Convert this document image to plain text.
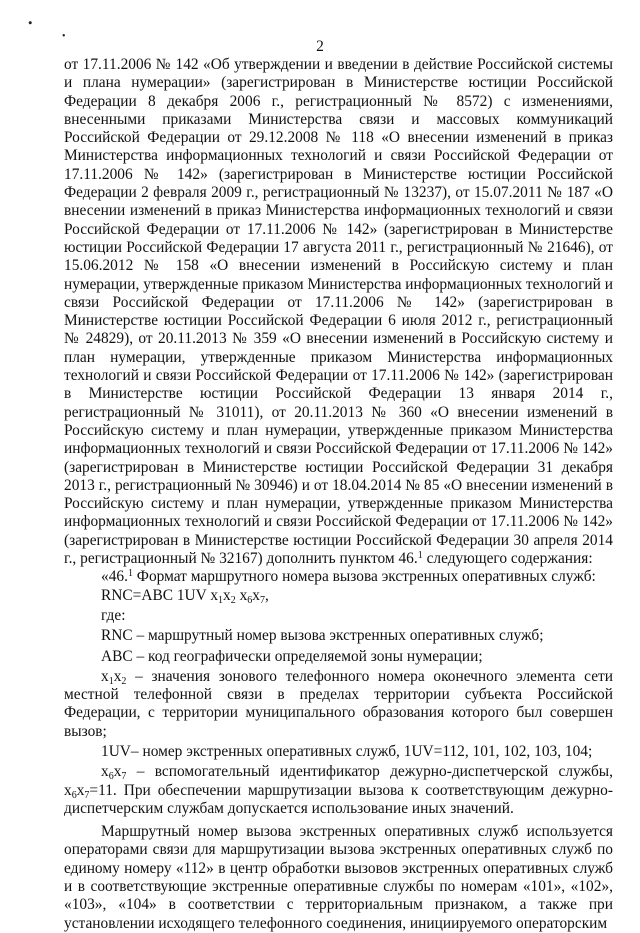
•
•
2

от 17.11.2006 № 142 «Об утверждении и введении в действие Российской системы и плана нумерации» (зарегистрирован в Министерстве юстиции Российской Федерации 8 декабря 2006 г., регистрационный № 8572) с изменениями, внесенными приказами Министерства связи и массовых коммуникаций Российской Федерации от 29.12.2008 № 118 «О внесении изменений в приказ Министерства информационных технологий и связи Российской Федерации от 17.11.2006 № 142» (зарегистрирован в Министерстве юстиции Российской Федерации 2 февраля 2009 г., регистрационный № 13237), от 15.07.2011 № 187 «О внесении изменений в приказ Министерства информационных технологий и связи Российской Федерации от 17.11.2006 № 142» (зарегистрирован в Министерстве юстиции Российской Федерации 17 августа 2011 г., регистрационный № 21646), от 15.06.2012 № 158 «О внесении изменений в Российскую систему и план нумерации, утвержденные приказом Министерства информационных технологий и связи Российской Федерации от 17.11.2006 № 142» (зарегистрирован в Министерстве юстиции Российской Федерации 6 июля 2012 г., регистрационный № 24829), от 20.11.2013 № 359 «О внесении изменений в Российскую систему и план нумерации, утвержденные приказом Министерства информационных технологий и связи Российской Федерации от 17.11.2006 № 142» (зарегистрирован в Министерстве юстиции Российской Федерации 13 января 2014 г., регистрационный № 31011), от 20.11.2013 № 360 «О внесении изменений в Российскую систему и план нумерации, утвержденные приказом Министерства информационных технологий и связи Российской Федерации от 17.11.2006 № 142» (зарегистрирован в Министерстве юстиции Российской Федерации 31 декабря 2013 г., регистрационный № 30946) и от 18.04.2014 № 85 «О внесении изменений в Российскую систему и план нумерации, утвержденные приказом Министерства информационных технологий и связи Российской Федерации от 17.11.2006 № 142» (зарегистрирован в Министерстве юстиции Российской Федерации 30 апреля 2014 г., регистрационный № 32167) дополнить пунктом 46.$^1$ следующего содержания:

«46.$^1$ Формат маршрутного номера вызова экстренных оперативных служб:

RNC=ABC 1UV $x_1x_2$ $x_6x_7$,

где:

RNC – маршрутный номер вызова экстренных оперативных служб;

АВС – код географически определяемой зоны нумерации;

$x_1x_2$ – значения зонового телефонного номера оконечного элемента сети местной телефонной связи в пределах территории субъекта Российской Федерации, с территории муниципального образования которого был совершен вызов;

1UV– номер экстренных оперативных служб, 1UV=112, 101, 102, 103, 104;

$x_6x_7$ – вспомогательный идентификатор дежурно-диспетчерской службы, $x_6x_7=11$. При обеспечении маршрутизации вызова к соответствующим дежурно-диспетчерским службам допускается использование иных значений.

Маршрутный номер вызова экстренных оперативных служб используется операторами связи для маршрутизации вызова экстренных оперативных служб по единому номеру «112» в центр обработки вызовов экстренных оперативных служб и в соответствующие экстренные оперативные службы по номерам «101», «102», «103», «104» в соответствии с территориальным признаком, а также при установлении исходящего телефонного соединения, инициируемого операторским
